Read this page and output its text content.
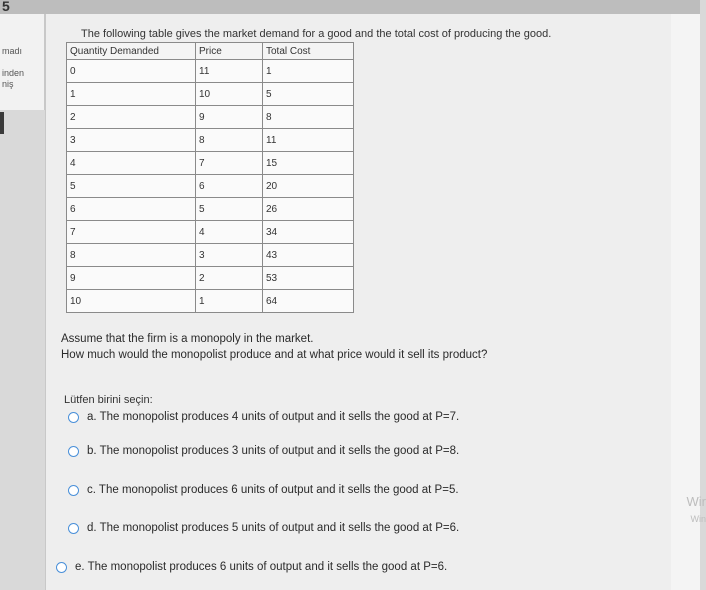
5
madı
inden
niş
The following table gives the market demand for a good and the total cost of producing the good.
Quantity Demanded	Price	Total Cost
0	11	1
1	10	5
2	9	8
3	8	11
4	7	15
5	6	20
6	5	26
7	4	34
8	3	43
9	2	53
10	1	64
Assume that the firm is a monopoly in the market.
How much would the monopolist produce and at what price would it sell its product?
Lütfen birini seçin:
a. The monopolist produces 4 units of output and it sells the good at P=7.
b. The monopolist produces 3 units of output and it sells the good at P=8.
c. The monopolist produces 6 units of output and it sells the good at P=5.
d. The monopolist produces 5 units of output and it sells the good at P=6.
e. The monopolist produces 6 units of output and it sells the good at P=6.
Wir
Win
